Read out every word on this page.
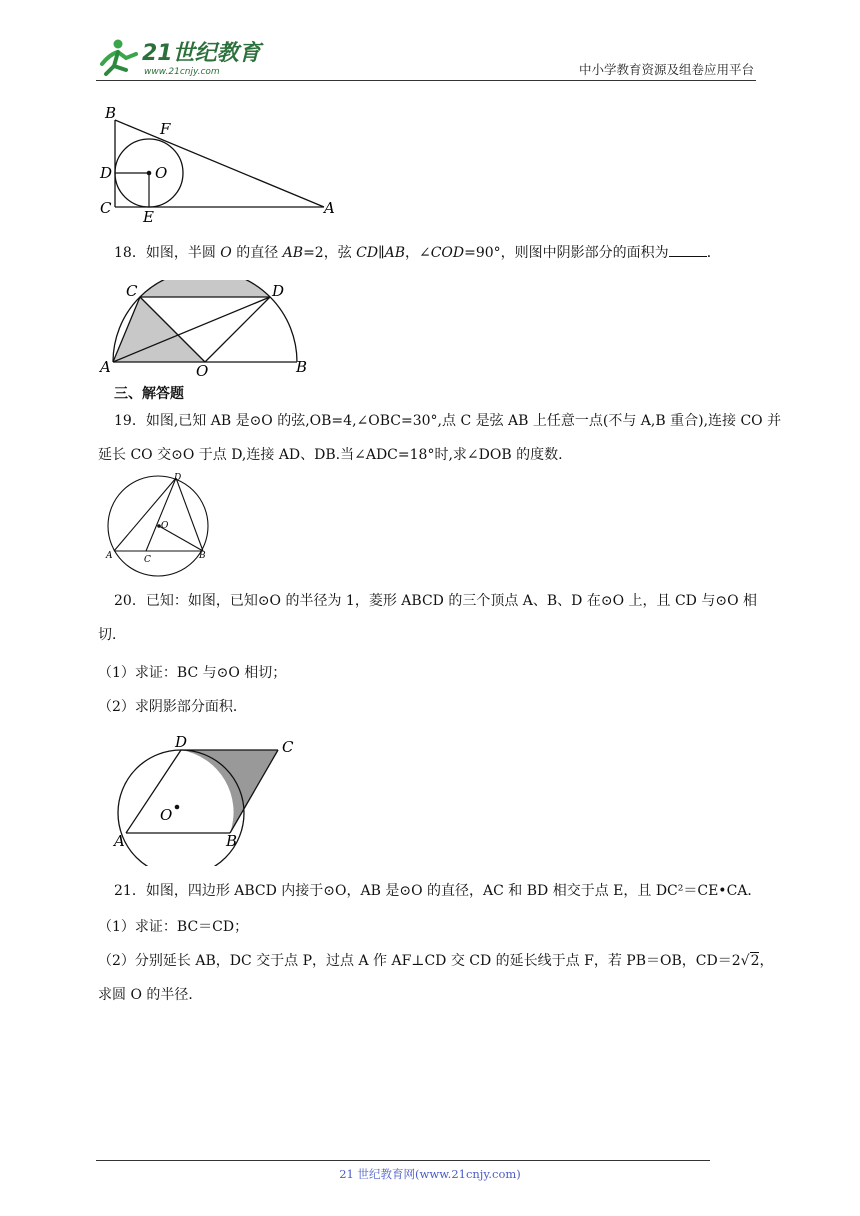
21世纪教育
www.21cnjy.com	中小学教育资源及组卷应用平台
B
F
D	O
C E	A
18．如图，半圆 O 的直径 AB=2，弦 CD∥AB，∠COD=90°，则图中阴影部分的面积为	．
C	D
A	O	B
三、解答题
19．如图,已知 AB 是⊙O 的弦,OB=4,∠OBC=30°,点 C 是弦 AB 上任意一点(不与 A,B 重合),连接 CO 并
延长 CO 交⊙O 于点 D,连接 AD、DB.当∠ADC=18°时,求∠DOB 的度数.
D
O
A	C	B
20．已知：如图，已知⊙O 的半径为 1，菱形 ABCD 的三个顶点 A、B、D 在⊙O 上，且 CD 与⊙O 相
切．
（1）求证：BC 与⊙O 相切；
（2）求阴影部分面积．
D	C
O
A	B
21．如图，四边形 ABCD 内接于⊙O，AB 是⊙O 的直径，AC 和 BD 相交于点 E，且 DC²＝CE•CA．
（1）求证：BC＝CD；
（2）分别延长 AB，DC 交于点 P，过点 A 作 AF⊥CD 交 CD 的延长线于点 F，若 PB＝OB，CD＝2√2，
求圆 O 的半径．
21 世纪教育网(www.21cnjy.com)
